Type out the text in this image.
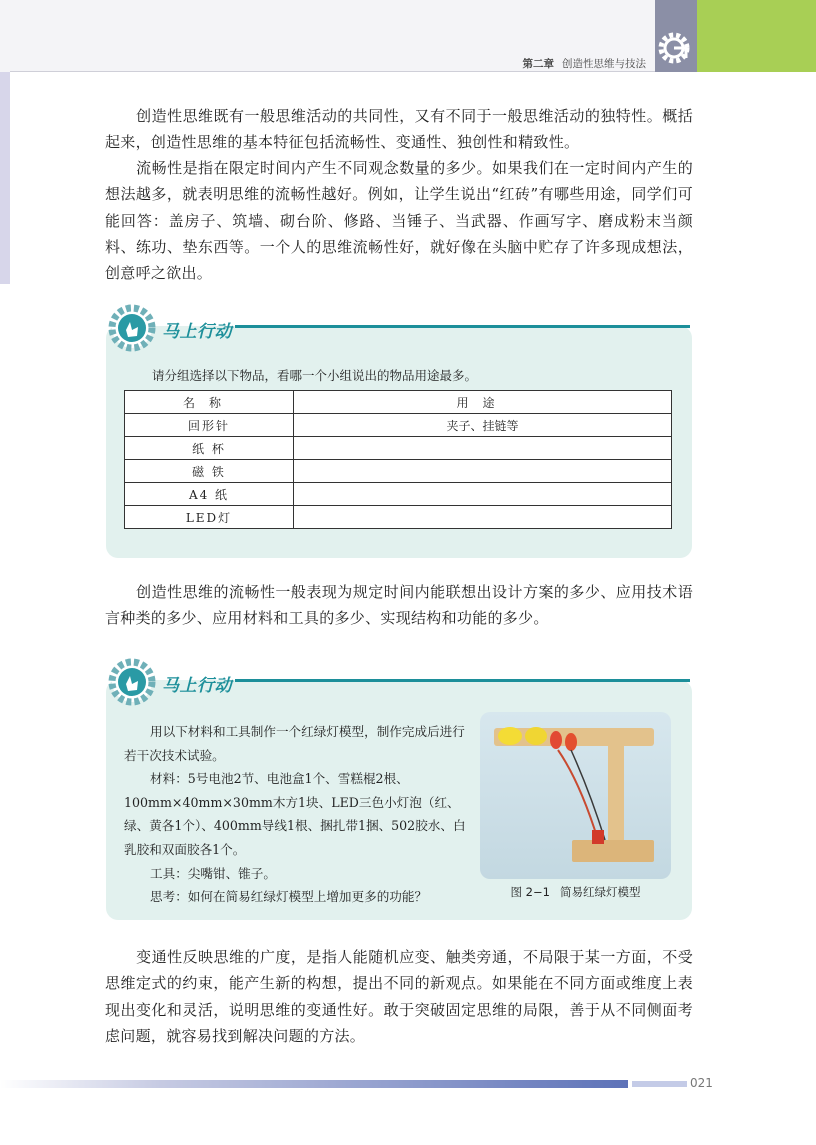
第二章 创造性思维与技法

创造性思维既有一般思维活动的共同性，又有不同于一般思维活动的独特性。概括起来，创造性思维的基本特征包括流畅性、变通性、独创性和精致性。

流畅性是指在限定时间内产生不同观念数量的多少。如果我们在一定时间内产生的想法越多，就表明思维的流畅性越好。例如，让学生说出“红砖”有哪些用途，同学们可能回答：盖房子、筑墙、砌台阶、修路、当锤子、当武器、作画写字、磨成粉末当颜料、练功、垫东西等。一个人的思维流畅性好，就好像在头脑中贮存了许多现成想法，创意呼之欲出。

马上行动
请分组选择以下物品，看哪一个小组说出的物品用途最多。
名称	用途
回形针	夹子、挂链等
纸 杯	
磁 铁	
A4 纸	
LED灯	

创造性思维的流畅性一般表现为规定时间内能联想出设计方案的多少、应用技术语言种类的多少、应用材料和工具的多少、实现结构和功能的多少。

马上行动

用以下材料和工具制作一个红绿灯模型，制作完成后进行若干次技术试验。

材料：5号电池2节、电池盒1个、雪糕棍2根、100mm×40mm×30mm木方1块、LED三色小灯泡（红、绿、黄各1个）、400mm导线1根、捆扎带1捆、502胶水、白乳胶和双面胶各1个。

工具：尖嘴钳、锥子。

思考：如何在简易红绿灯模型上增加更多的功能？	图 2−1 简易红绿灯模型

变通性反映思维的广度，是指人能随机应变、触类旁通，不局限于某一方面，不受思维定式的约束，能产生新的构想，提出不同的新观点。如果能在不同方面或维度上表现出变化和灵活，说明思维的变通性好。敢于突破固定思维的局限，善于从不同侧面考虑问题，就容易找到解决问题的方法。

021
